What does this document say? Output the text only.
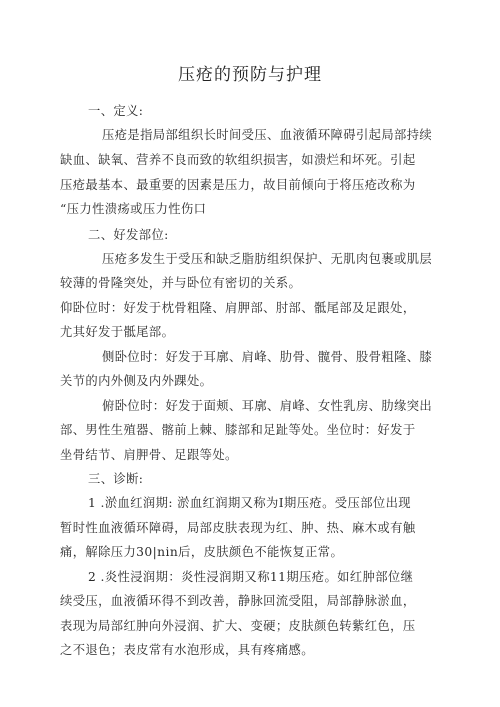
压疮的预防与护理
一、定义:
压疮是指局部组织长时间受压、血液循环障碍引起局部持续
缺血、缺氧、营养不良而致的软组织损害，如溃烂和坏死。引起
压疮最基本、最重要的因素是压力，故目前倾向于将压疮改称为
“压力性溃疡或压力性伤口
二、好发部位:
压疮多发生于受压和缺乏脂肪组织保护、无肌肉包裹或肌层
较薄的骨隆突处，并与卧位有密切的关系。
仰卧位时：好发于枕骨粗隆、肩胛部、肘部、骶尾部及足跟处，
尤其好发于骶尾部。
侧卧位时：好发于耳廓、肩峰、肋骨、髋骨、股骨粗隆、膝
关节的内外侧及内外踝处。
俯卧位时：好发于面颊、耳廓、肩峰、女性乳房、肋缘突出
部、男性生殖器、髂前上棘、膝部和足趾等处。坐位时：好发于
坐骨结节、肩胛骨、足跟等处。
三、诊断:
1 .淤血红润期: 淤血红润期又称为I期压疮。受压部位出现
暂时性血液循环障碍，局部皮肤表现为红、肿、热、麻木或有触
痛，解除压力30|nin后，皮肤颜色不能恢复正常。
2 .炎性浸润期：炎性浸润期又称11期压疮。如红肿部位继
续受压，血液循环得不到改善，静脉回流受阻，局部静脉淤血，
表现为局部红肿向外浸润、扩大、变硬；皮肤颜色转紫红色，压
之不退色；表皮常有水泡形成，具有疼痛感。
